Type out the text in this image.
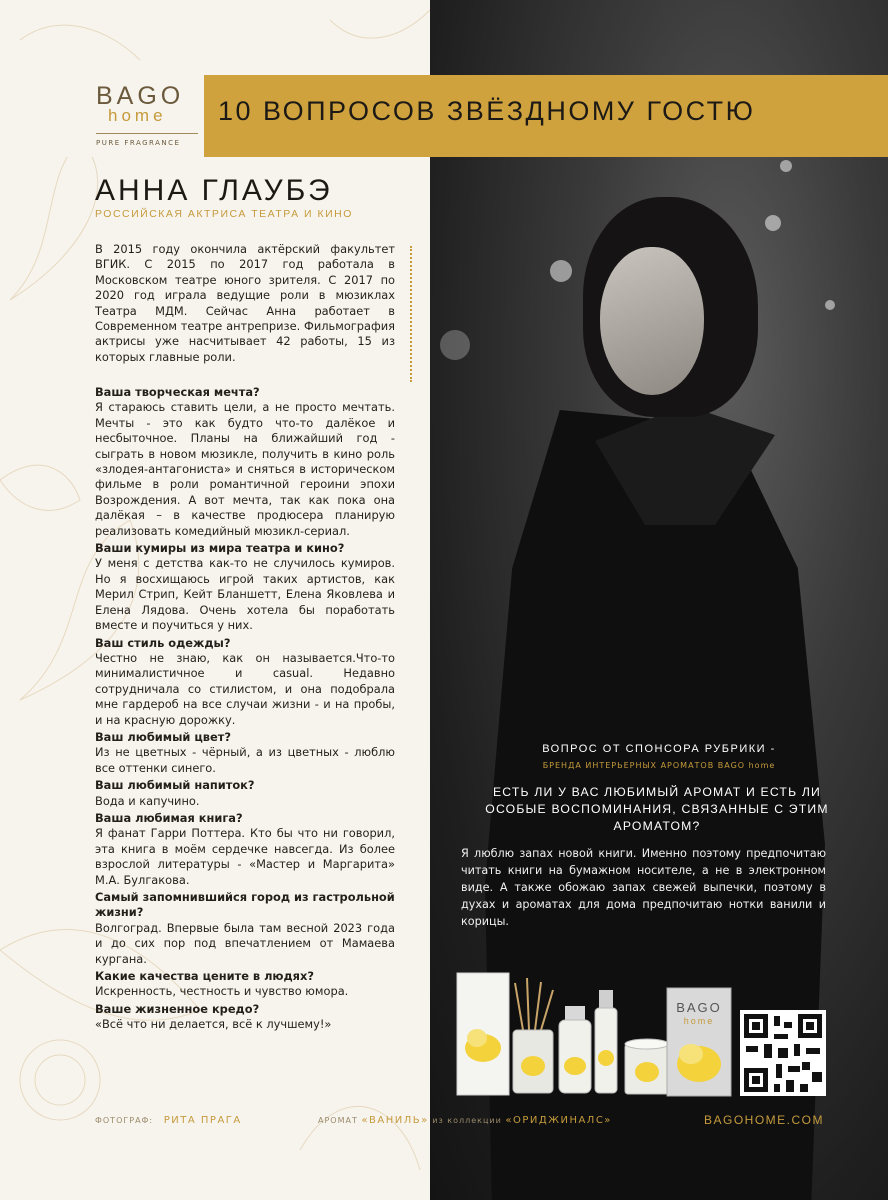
BAGO
home
PURE FRAGRANCE
10 ВОПРОСОВ ЗВЁЗДНОМУ ГОСТЮ
АННА ГЛАУБЭ
РОССИЙСКАЯ АКТРИСА ТЕАТРА И КИНО
В 2015 году окончила актёрский факультет ВГИК. С 2015 по 2017 год работала в Московском театре юного зрителя. С 2017 по 2020 год играла ведущие роли в мюзиклах Театра МДМ. Сейчас Анна работает в Современном театре антрепризе. Фильмография актрисы уже насчитывает 42 работы, 15 из которых главные роли.
Ваша творческая мечта?
Я стараюсь ставить цели, а не просто мечтать. Мечты - это как будто что-то далёкое и несбыточное. Планы на ближайший год - сыграть в новом мюзикле, получить в кино роль «злодея-антагониста» и сняться в историческом фильме в роли романтичной героини эпохи Возрождения. А вот мечта, так как пока она далёкая – в качестве продюсера планирую реализовать комедийный мюзикл-сериал.
Ваши кумиры из мира театра и кино?
У меня с детства как-то не случилось кумиров. Но я восхищаюсь игрой таких артистов, как Мерил Стрип, Кейт Бланшетт, Елена Яковлева и Елена Лядова. Очень хотела бы поработать вместе и поучиться у них.
Ваш стиль одежды?
Честно не знаю, как он называется.Что-то минималистичное и casual. Недавно сотрудничала со стилистом, и она подобрала мне гардероб на все случаи жизни - и на пробы, и на красную дорожку.
Ваш любимый цвет?
Из не цветных - чёрный, а из цветных - люблю все оттенки синего.
Ваш любимый напиток?
Вода и капучино.
Ваша любимая книга?
Я фанат Гарри Поттера. Кто бы что ни говорил, эта книга в моём сердечке навсегда. Из более взрослой литературы - «Мастер и Маргарита» М.А. Булгакова.
Самый запомнившийся город из гастрольной жизни?
Волгоград. Впервые была там весной 2023 года и до сих пор под впечатлением от Мамаева кургана.
Какие качества цените в людях?
Искренность, честность и чувство юмора.
Ваше жизненное кредо?
«Всё что ни делается, всё к лучшему!»
ВОПРОС ОТ СПОНСОРА РУБРИКИ -
БРЕНДА ИНТЕРЬЕРНЫХ АРОМАТОВ BAGO home
ЕСТЬ ЛИ У ВАС ЛЮБИМЫЙ АРОМАТ И ЕСТЬ ЛИ ОСОБЫЕ ВОСПОМИНАНИЯ, СВЯЗАННЫЕ С ЭТИМ АРОМАТОМ?
Я люблю запах новой книги. Именно поэтому предпочитаю читать книги на бумажном носителе, а не в электронном виде. А также обожаю запах свежей выпечки, поэтому в духах и ароматах для дома предпочитаю нотки ванили и корицы.
BAGO
home
ФОТОГРАФ: РИТА ПРАГА	АРОМАТ «ВАНИЛЬ» из коллекции «ОРИДЖИНАЛС»	BAGOHOME.COM
